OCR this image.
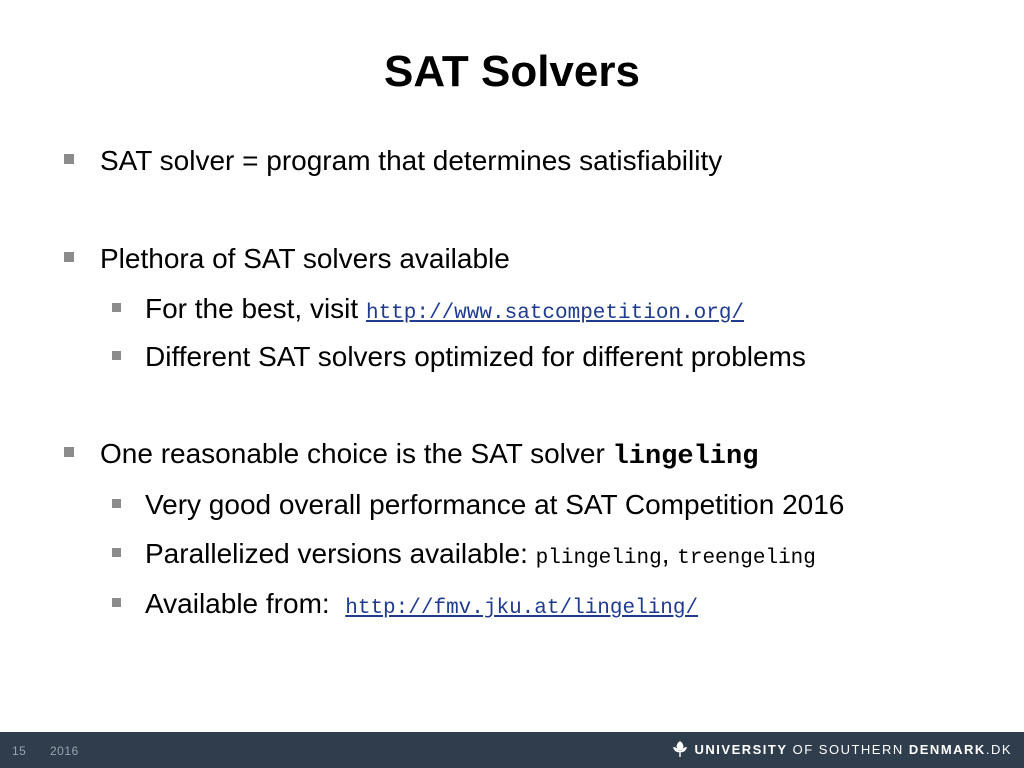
SAT Solvers
SAT solver = program that determines satisfiability
Plethora of SAT solvers available
For the best, visit http://www.satcompetition.org/
Different SAT solvers optimized for different problems
One reasonable choice is the SAT solver lingeling
Very good overall performance at SAT Competition 2016
Parallelized versions available: plingeling , treengeling
Available from: http://fmv.jku.at/lingeling/
15 2016	UNIVERSITY OF SOUTHERN DENMARK .DK
